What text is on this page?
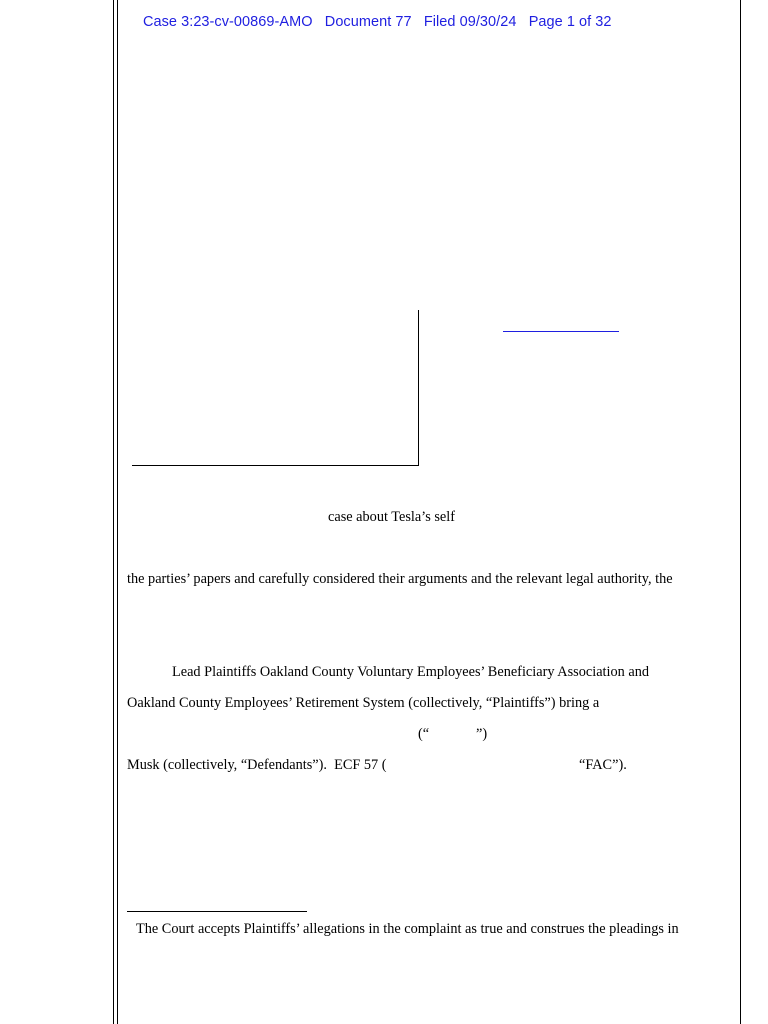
Case 3:23-cv-00869-AMO Document 77 Filed 09/30/24 Page 1 of 32
case about Tesla’s self
the parties’ papers and carefully considered their arguments and the relevant legal authority, the
Lead Plaintiffs Oakland County Voluntary Employees’ Beneficiary Association and
Oakland County Employees’ Retirement System (collectively, “Plaintiffs”) bring a
(“	”)
Musk (collectively, “Defendants”).  ECF 57 (	“FAC”).
The Court accepts Plaintiffs’ allegations in the complaint as true and construes the pleadings in
